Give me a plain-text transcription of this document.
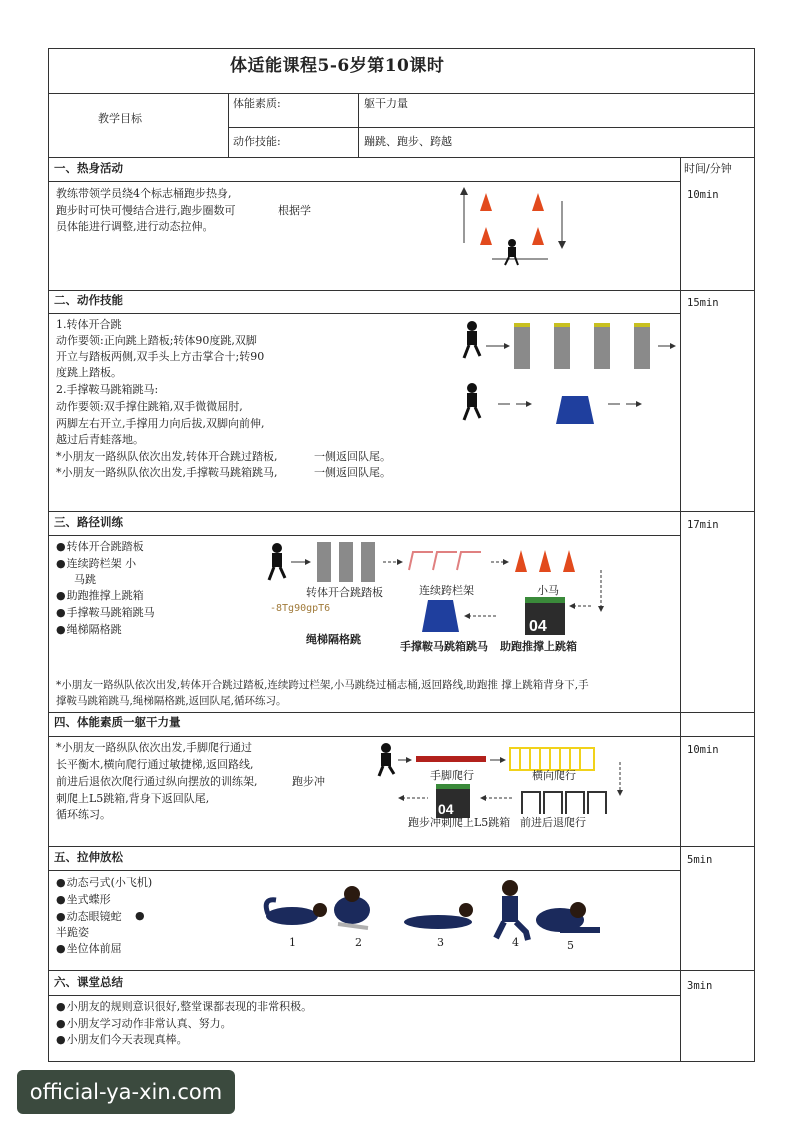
体适能课程5-6岁第10课时
教学目标
体能素质:	躯干力量
动作技能:	蹦跳、跑步、跨越
时间/分钟
一、热身活动
教练带领学员绕4个标志桶跑步热身,
跑步时可快可慢结合进行,跑步圈数可	根据学
员体能进行调整,进行动态拉伸。
10min
二、动作技能
1.转体开合跳
动作要领:正向跳上踏板;转体90度跳,双脚
开立与踏板两侧,双手头上方击掌合十;转90
度跳上踏板。
2.手撑鞍马跳箱跳马:
动作要领:双手撑住跳箱,双手微微屈肘,
两脚左右开立,手撑用力向后拔,双脚向前伸,
越过后青蛙落地。
*小朋友一路纵队依次出发,转体开合跳过踏板,	一侧返回队尾。
*小朋友一路纵队依次出发,手撑鞍马跳箱跳马,	一侧返回队尾。
15min
三、路径训练
● 转体开合跳踏板
● 连续跨栏架 小
马跳
● 助跑推撑上跳箱
● 手撑鞍马跳箱跳马
● 绳梯隔格跳
17min
04
转体开合跳踏板	连续跨栏架	小马
-8Tg90gpT6
绳梯隔格跳
手撑鞍马跳箱跳马 助跑推撑上跳箱
*小朋友一路纵队依次出发,转体开合跳过踏板,连续跨过栏架,小马跳绕过桶志桶,返回路线,助跑推 撑上跳箱背身下,手
撑鞍马跳箱跳马,绳梯隔格跳,返回队尾,循环练习。
四、体能素质一躯干力量
*小朋友一路纵队依次出发,手脚爬行通过
长平衡木,横向爬行通过敏捷梯,返回路线,
前进后退依次爬行通过纵向摆放的训练架,	跑步冲
刺爬上L5跳箱,背身下返回队尾,
循环练习。
10min
04
手脚爬行	横向爬行
跑步冲刺爬上L5跳箱 前进后退爬行
五、拉伸放松
● 动态弓式(小飞机)
● 坐式蝶形
● 动态眼镜蛇 ●
半跪姿
● 坐位体前屈
5min
1	2	3	4	5
六、课堂总结
● 小朋友的规则意识很好,整堂课都表现的非常积极。
● 小朋友学习动作非常认真、努力。
● 小朋友们今天表现真棒。
3min
official-ya-xin.com
